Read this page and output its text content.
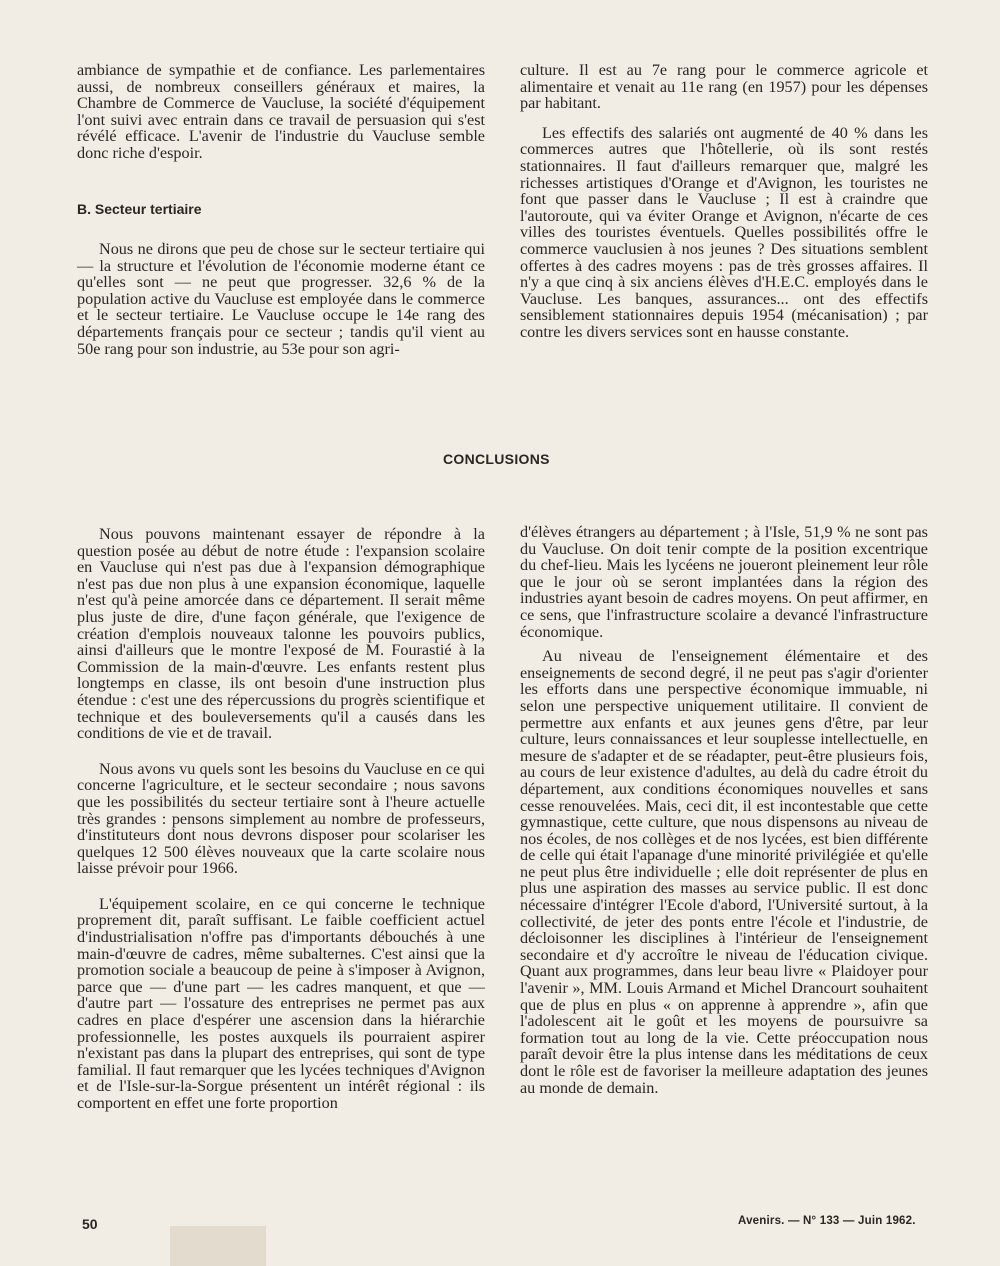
ambiance de sympathie et de confiance. Les parlementaires aussi, de nombreux conseillers généraux et maires, la Chambre de Commerce de Vaucluse, la société d'équipement l'ont suivi avec entrain dans ce travail de persuasion qui s'est révélé efficace. L'avenir de l'industrie du Vaucluse semble donc riche d'espoir.

B. Secteur tertiaire

Nous ne dirons que peu de chose sur le secteur tertiaire qui — la structure et l'évolution de l'économie moderne étant ce qu'elles sont — ne peut que progresser. 32,6 % de la population active du Vaucluse est employée dans le commerce et le secteur tertiaire. Le Vaucluse occupe le 14e rang des départements français pour ce secteur ; tandis qu'il vient au 50e rang pour son industrie, au 53e pour son agri-

culture. Il est au 7e rang pour le commerce agricole et alimentaire et venait au 11e rang (en 1957) pour les dépenses par habitant.

Les effectifs des salariés ont augmenté de 40 % dans les commerces autres que l'hôtellerie, où ils sont restés stationnaires. Il faut d'ailleurs remarquer que, malgré les richesses artistiques d'Orange et d'Avignon, les touristes ne font que passer dans le Vaucluse ; Il est à craindre que l'autoroute, qui va éviter Orange et Avignon, n'écarte de ces villes des touristes éventuels. Quelles possibilités offre le commerce vauclusien à nos jeunes ? Des situations semblent offertes à des cadres moyens : pas de très grosses affaires. Il n'y a que cinq à six anciens élèves d'H.E.C. employés dans le Vaucluse. Les banques, assurances... ont des effectifs sensiblement stationnaires depuis 1954 (mécanisation) ; par contre les divers services sont en hausse constante.

CONCLUSIONS

Nous pouvons maintenant essayer de répondre à la question posée au début de notre étude : l'expansion scolaire en Vaucluse qui n'est pas due à l'expansion démographique n'est pas due non plus à une expansion économique, laquelle n'est qu'à peine amorcée dans ce département. Il serait même plus juste de dire, d'une façon générale, que l'exigence de création d'emplois nouveaux talonne les pouvoirs publics, ainsi d'ailleurs que le montre l'exposé de M. Fourastié à la Commission de la main-d'œuvre. Les enfants restent plus longtemps en classe, ils ont besoin d'une instruction plus étendue : c'est une des répercussions du progrès scientifique et technique et des bouleversements qu'il a causés dans les conditions de vie et de travail.

Nous avons vu quels sont les besoins du Vaucluse en ce qui concerne l'agriculture, et le secteur secondaire ; nous savons que les possibilités du secteur tertiaire sont à l'heure actuelle très grandes : pensons simplement au nombre de professeurs, d'instituteurs dont nous devrons disposer pour scolariser les quelques 12 500 élèves nouveaux que la carte scolaire nous laisse prévoir pour 1966.

L'équipement scolaire, en ce qui concerne le technique proprement dit, paraît suffisant. Le faible coefficient actuel d'industrialisation n'offre pas d'importants débouchés à une main-d'œuvre de cadres, même subalternes. C'est ainsi que la promotion sociale a beaucoup de peine à s'imposer à Avignon, parce que — d'une part — les cadres manquent, et que — d'autre part — l'ossature des entreprises ne permet pas aux cadres en place d'espérer une ascension dans la hiérarchie professionnelle, les postes auxquels ils pourraient aspirer n'existant pas dans la plupart des entreprises, qui sont de type familial. Il faut remarquer que les lycées techniques d'Avignon et de l'Isle-sur-la-Sorgue présentent un intérêt régional : ils comportent en effet une forte proportion

d'élèves étrangers au département ; à l'Isle, 51,9 % ne sont pas du Vaucluse. On doit tenir compte de la position excentrique du chef-lieu. Mais les lycéens ne joueront pleinement leur rôle que le jour où se seront implantées dans la région des industries ayant besoin de cadres moyens. On peut affirmer, en ce sens, que l'infrastructure scolaire a devancé l'infrastructure économique.

Au niveau de l'enseignement élémentaire et des enseignements de second degré, il ne peut pas s'agir d'orienter les efforts dans une perspective économique immuable, ni selon une perspective uniquement utilitaire. Il convient de permettre aux enfants et aux jeunes gens d'être, par leur culture, leurs connaissances et leur souplesse intellectuelle, en mesure de s'adapter et de se réadapter, peut-être plusieurs fois, au cours de leur existence d'adultes, au delà du cadre étroit du département, aux conditions économiques nouvelles et sans cesse renouvelées. Mais, ceci dit, il est incontestable que cette gymnastique, cette culture, que nous dispensons au niveau de nos écoles, de nos collèges et de nos lycées, est bien différente de celle qui était l'apanage d'une minorité privilégiée et qu'elle ne peut plus être individuelle ; elle doit représenter de plus en plus une aspiration des masses au service public. Il est donc nécessaire d'intégrer l'Ecole d'abord, l'Université surtout, à la collectivité, de jeter des ponts entre l'école et l'industrie, de décloisonner les disciplines à l'intérieur de l'enseignement secondaire et d'y accroître le niveau de l'éducation civique. Quant aux programmes, dans leur beau livre « Plaidoyer pour l'avenir », MM. Louis Armand et Michel Drancourt souhaitent que de plus en plus « on apprenne à apprendre », afin que l'adolescent ait le goût et les moyens de poursuivre sa formation tout au long de la vie. Cette préoccupation nous paraît devoir être la plus intense dans les méditations de ceux dont le rôle est de favoriser la meilleure adaptation des jeunes au monde de demain.

50	Avenirs. — N° 133 — Juin 1962.
